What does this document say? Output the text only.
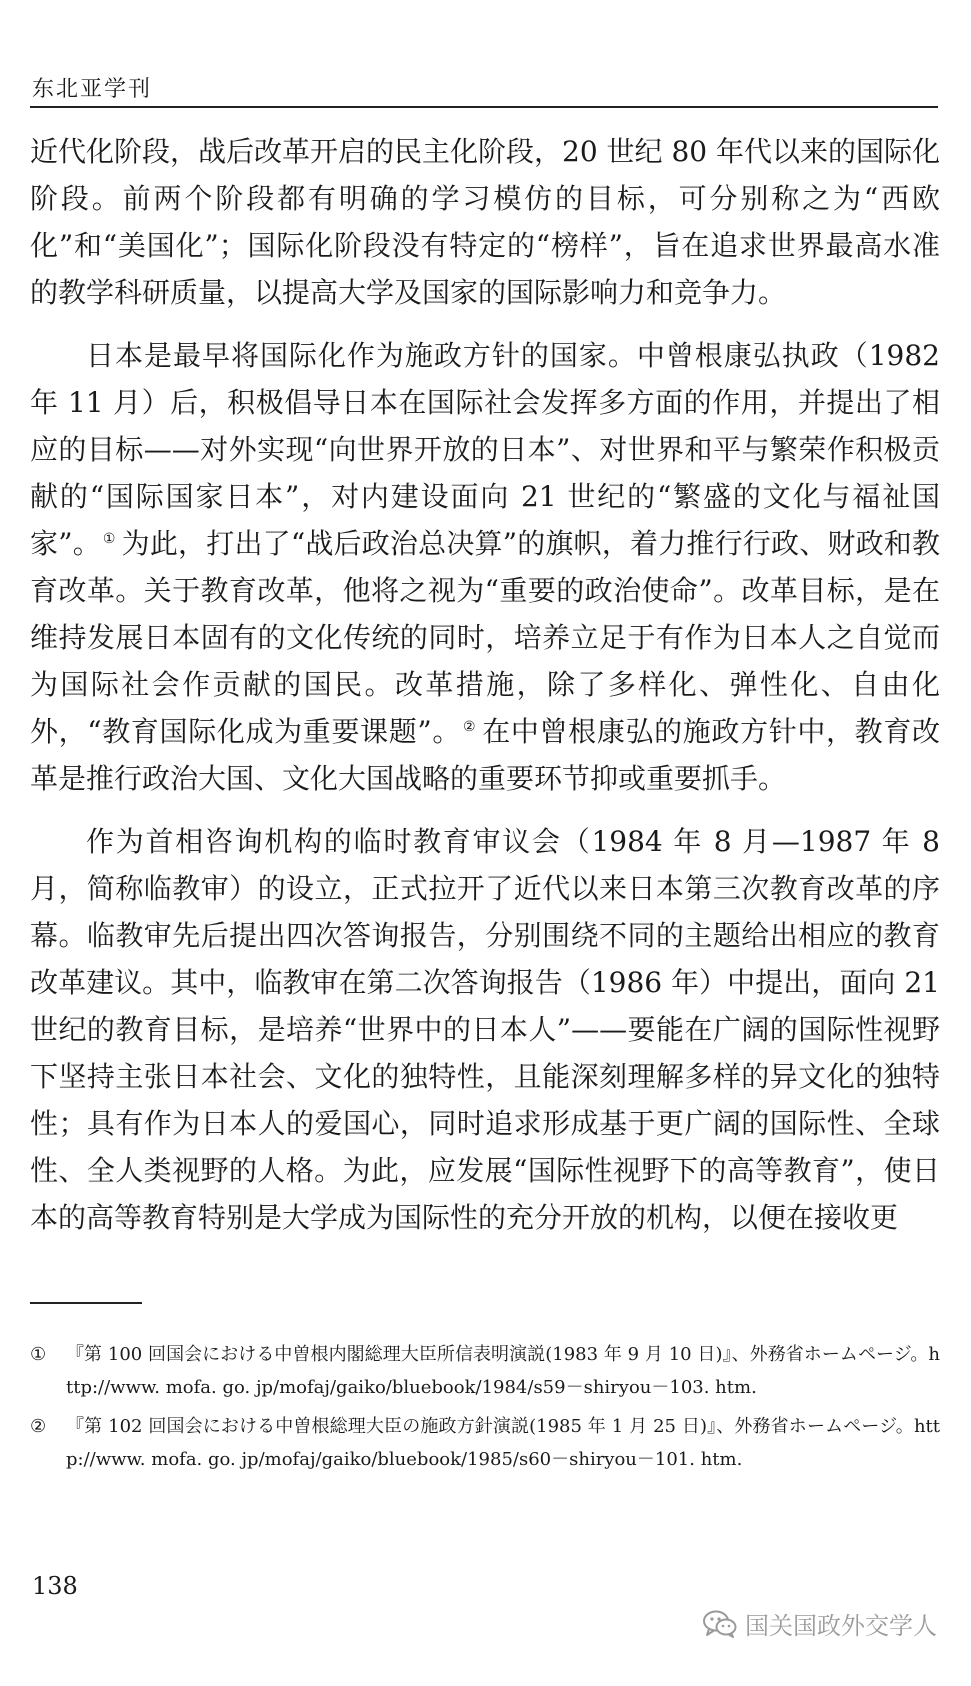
东北亚学刊

近代化阶段，战后改革开启的民主化阶段，20 世纪 80 年代以来的国际化阶段。前两个阶段都有明确的学习模仿的目标，可分别称之为“西欧化”和“美国化”；国际化阶段没有特定的“榜样”，旨在追求世界最高水准的教学科研质量，以提高大学及国家的国际影响力和竞争力。

日本是最早将国际化作为施政方针的国家。中曾根康弘执政（1982 年 11 月）后，积极倡导日本在国际社会发挥多方面的作用，并提出了相应的目标——对外实现“向世界开放的日本”、对世界和平与繁荣作积极贡献的“国际国家日本”，对内建设面向 21 世纪的“繁盛的文化与福祉国家”。 ① 为此，打出了“战后政治总决算”的旗帜，着力推行行政、财政和教育改革。关于教育改革，他将之视为“重要的政治使命”。改革目标，是在维持发展日本固有的文化传统的同时，培养立足于有作为日本人之自觉而为国际社会作贡献的国民。改革措施，除了多样化、弹性化、自由化外，“教育国际化成为重要课题”。 ② 在中曾根康弘的施政方针中，教育改革是推行政治大国、文化大国战略的重要环节抑或重要抓手。

作为首相咨询机构的临时教育审议会（1984 年 8 月—1987 年 8 月，简称临教审）的设立，正式拉开了近代以来日本第三次教育改革的序幕。临教审先后提出四次答询报告，分别围绕不同的主题给出相应的教育改革建议。其中，临教审在第二次答询报告（1986 年）中提出，面向 21 世纪的教育目标，是培养“世界中的日本人”——要能在广阔的国际性视野下坚持主张日本社会、文化的独特性，且能深刻理解多样的异文化的独特性；具有作为日本人的爱国心，同时追求形成基于更广阔的国际性、全球性、全人类视野的人格。为此，应发展“国际性视野下的高等教育”，使日本的高等教育特别是大学成为国际性的充分开放的机构，以便在接收更

① 『第 100 回国会における中曽根内閣総理大臣所信表明演説(1983 年 9 月 10 日)』、外務省ホームページ。http://www. mofa. go. jp/mofaj/gaiko/bluebook/1984/s59－shiryou－103. htm.
② 『第 102 回国会における中曽根総理大臣の施政方針演説(1985 年 1 月 25 日)』、外務省ホームページ。http://www. mofa. go. jp/mofaj/gaiko/bluebook/1985/s60－shiryou－101. htm.
138
国关国政外交学人
